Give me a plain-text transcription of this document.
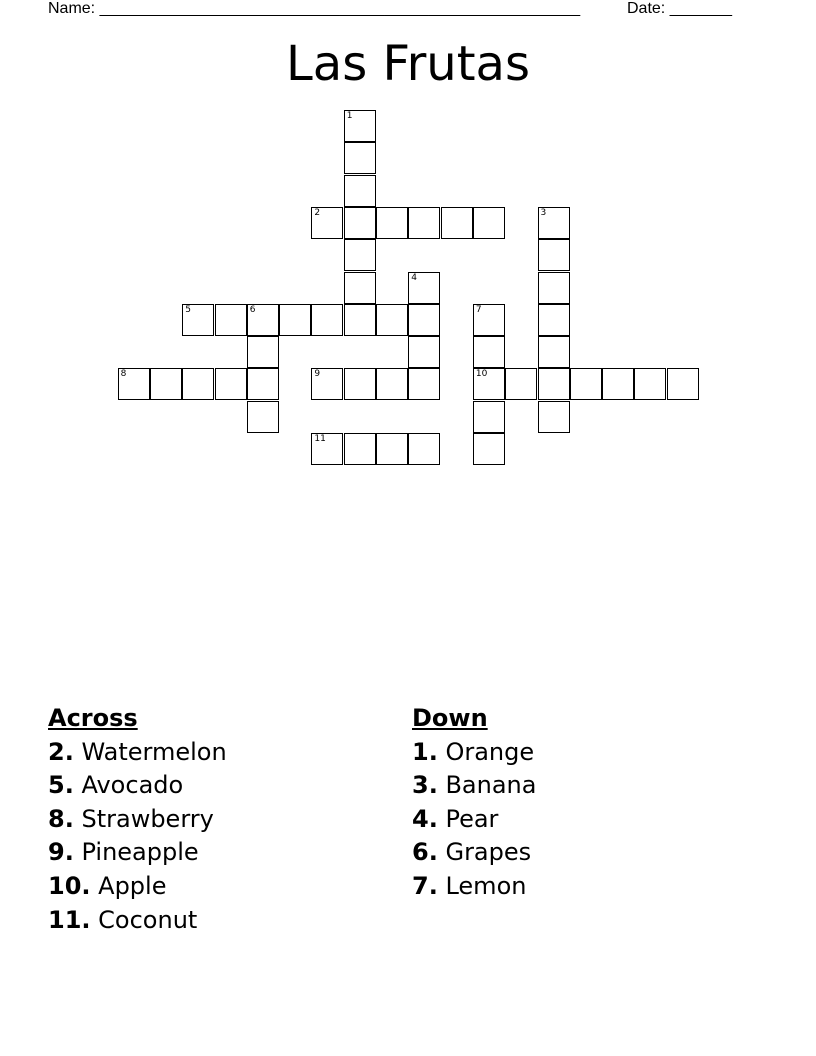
Name: ______________________________________________________	Date: _______
Las Frutas
1
2	3
4
5	6	7
10
8	9
11
Across
2. Watermelon
5. Avocado
8. Strawberry
9. Pineapple
10. Apple
11. Coconut
Down
1. Orange
3. Banana
4. Pear
6. Grapes
7. Lemon
